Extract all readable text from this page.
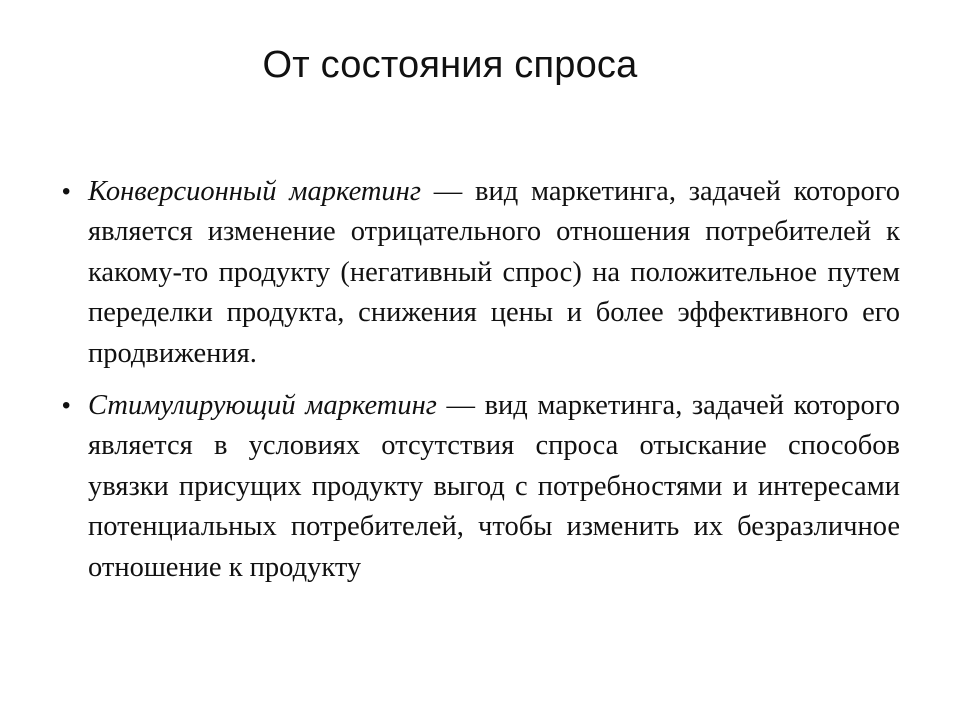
От состояния спроса
• Конверсионный маркетинг — вид маркетинга, задачей которого является изменение отрицательного отношения потребителей к какому-то продукту (негативный спрос) на положительное путем переделки продукта, снижения цены и более эффективного его продвижения.
• Стимулирующий маркетинг — вид маркетинга, задачей которого является в условиях отсутствия спроса отыскание способов увязки присущих продукту выгод с потребностями и интересами потенциальных потребителей, чтобы изменить их безразличное отношение к продукту
